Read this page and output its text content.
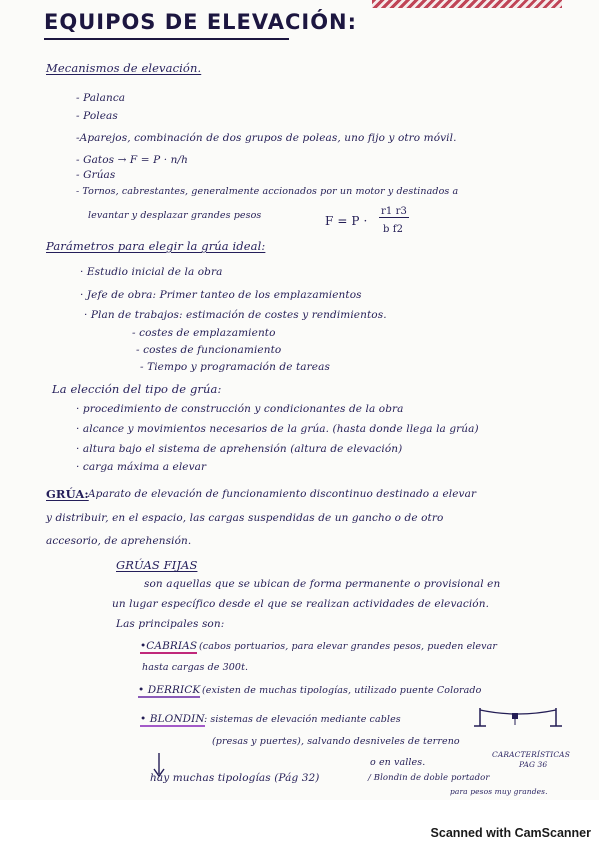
EQUIPOS DE ELEVACIÓN:
Mecanismos de elevación.
- Palanca
- Poleas
-Aparejos, combinación de dos grupos de poleas, uno fijo y otro móvil.
- Gatos → F = P · n/h
- Grúas
- Tornos, cabrestantes, generalmente accionados por un motor y destinados a
levantar y desplazar grandes pesos	F = P ·
r1 r3
b f2
Parámetros para elegir la grúa ideal:
· Estudio inicial de la obra
· Jefe de obra: Primer tanteo de los emplazamientos
· Plan de trabajos: estimación de costes y rendimientos.
- costes de emplazamiento
- costes de funcionamiento
- Tiempo y programación de tareas
La elección del tipo de grúa:
· procedimiento de construcción y condicionantes de la obra
· alcance y movimientos necesarios de la grúa. (hasta donde llega la grúa)
· altura bajo el sistema de aprehensión (altura de elevación)
· carga máxima a elevar
GRÚA: Aparato de elevación de funcionamiento discontinuo destinado a elevar
y distribuir, en el espacio, las cargas suspendidas de un gancho o de otro
accesorio, de aprehensión.
GRÚAS FIJAS
son aquellas que se ubican de forma permanente o provisional en
un lugar específico desde el que se realizan actividades de elevación.
Las principales son:
•CABRIAS (cabos portuarios, para elevar grandes pesos, pueden elevar
hasta cargas de 300t.
• DERRICK (existen de muchas tipologías, utilizado puente Colorado
• BLONDIN : sistemas de elevación mediante cables
(presas y puertes), salvando desniveles de terreno
o en valles.
hay muchas tipologías (Pág 32)	/ Blondin de doble portador
para pesos muy grandes.
CARACTERÍSTICAS
PAG 36
Scanned with CamScanner
